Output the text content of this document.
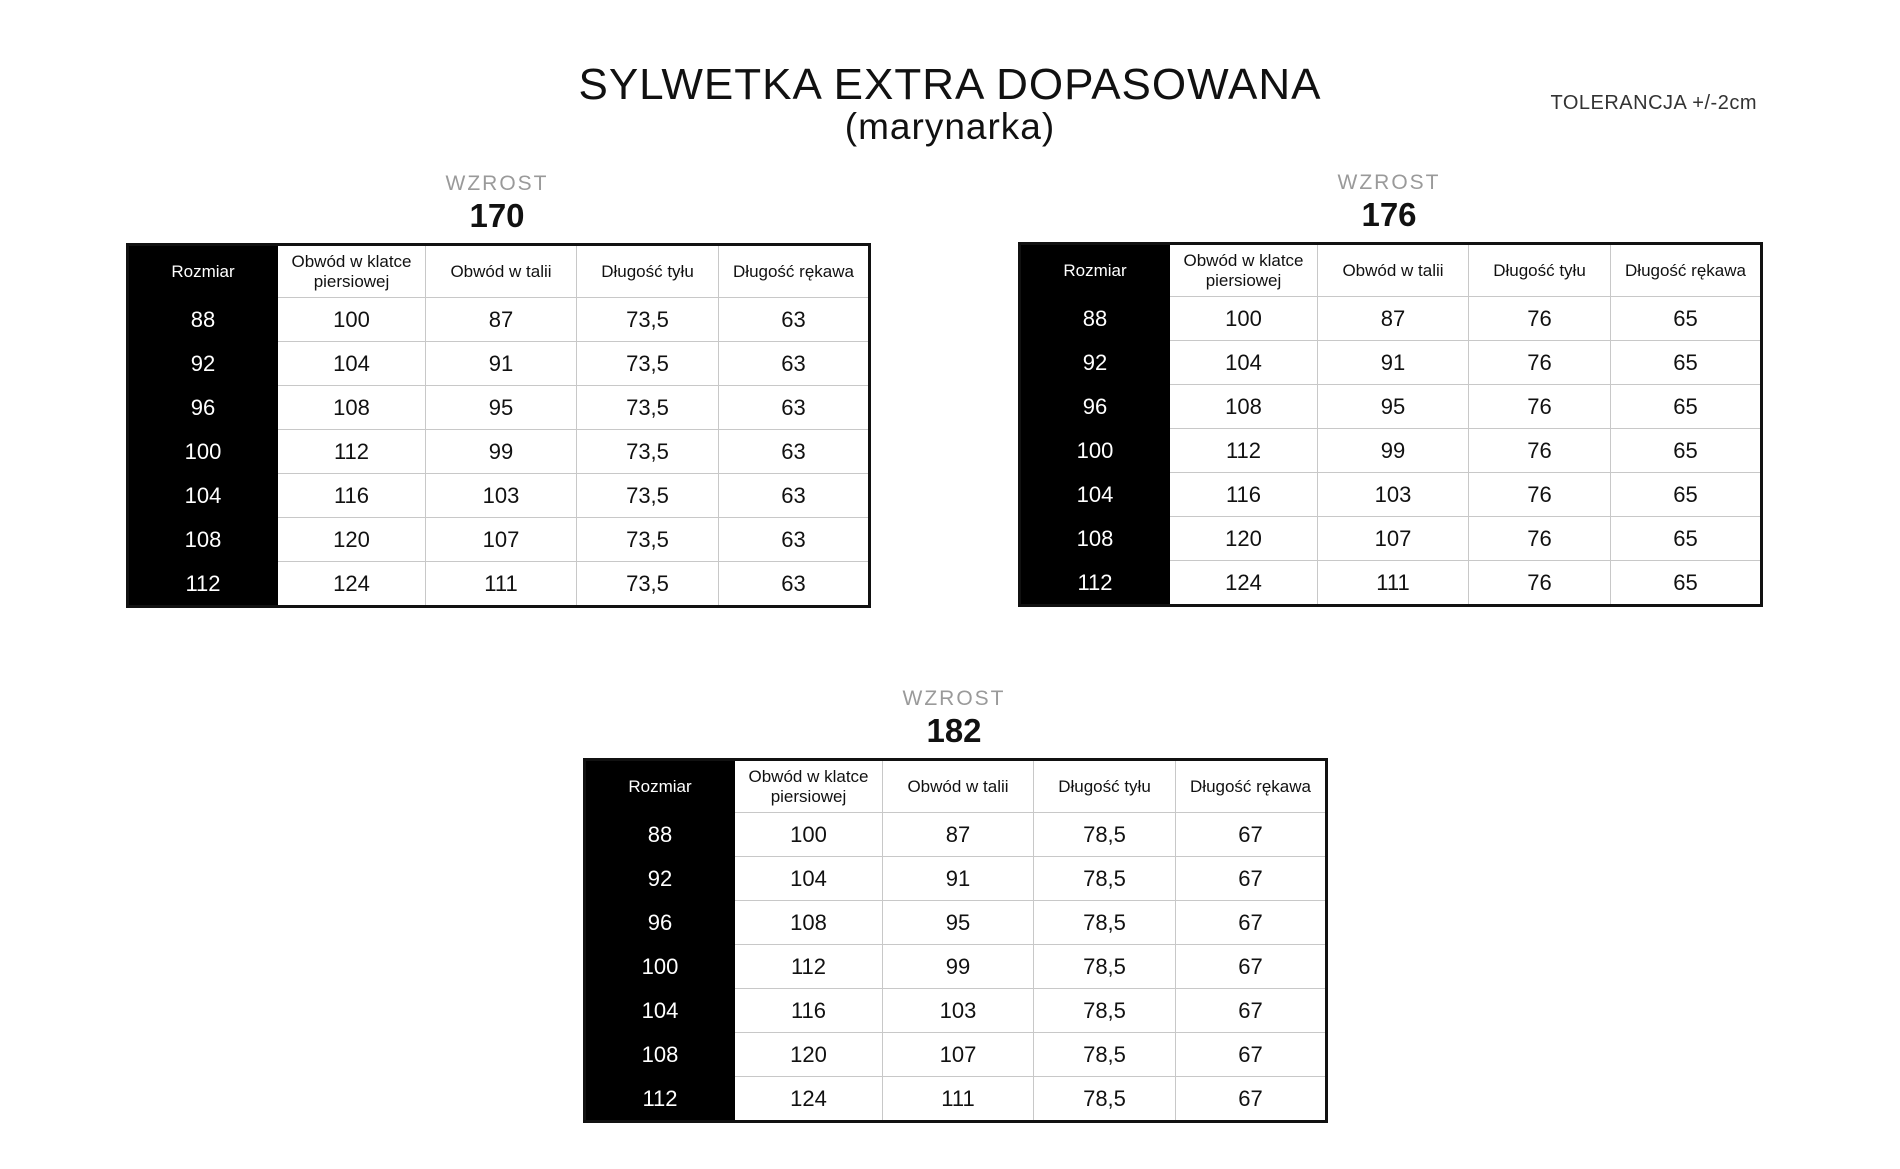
SYLWETKA EXTRA DOPASOWANA
(marynarka)
TOLERANCJA +/-2cm
WZROST
170
Rozmiar	Obwód w klatce piersiowej	Obwód w talii	Długość tyłu	Długość rękawa
88	100	87	73,5	63
92	104	91	73,5	63
96	108	95	73,5	63
100	112	99	73,5	63
104	116	103	73,5	63
108	120	107	73,5	63
112	124	111	73,5	63
WZROST
176
Rozmiar	Obwód w klatce piersiowej	Obwód w talii	Długość tyłu	Długość rękawa
88	100	87	76	65
92	104	91	76	65
96	108	95	76	65
100	112	99	76	65
104	116	103	76	65
108	120	107	76	65
112	124	111	76	65
WZROST
182
Rozmiar	Obwód w klatce piersiowej	Obwód w talii	Długość tyłu	Długość rękawa
88	100	87	78,5	67
92	104	91	78,5	67
96	108	95	78,5	67
100	112	99	78,5	67
104	116	103	78,5	67
108	120	107	78,5	67
112	124	111	78,5	67
